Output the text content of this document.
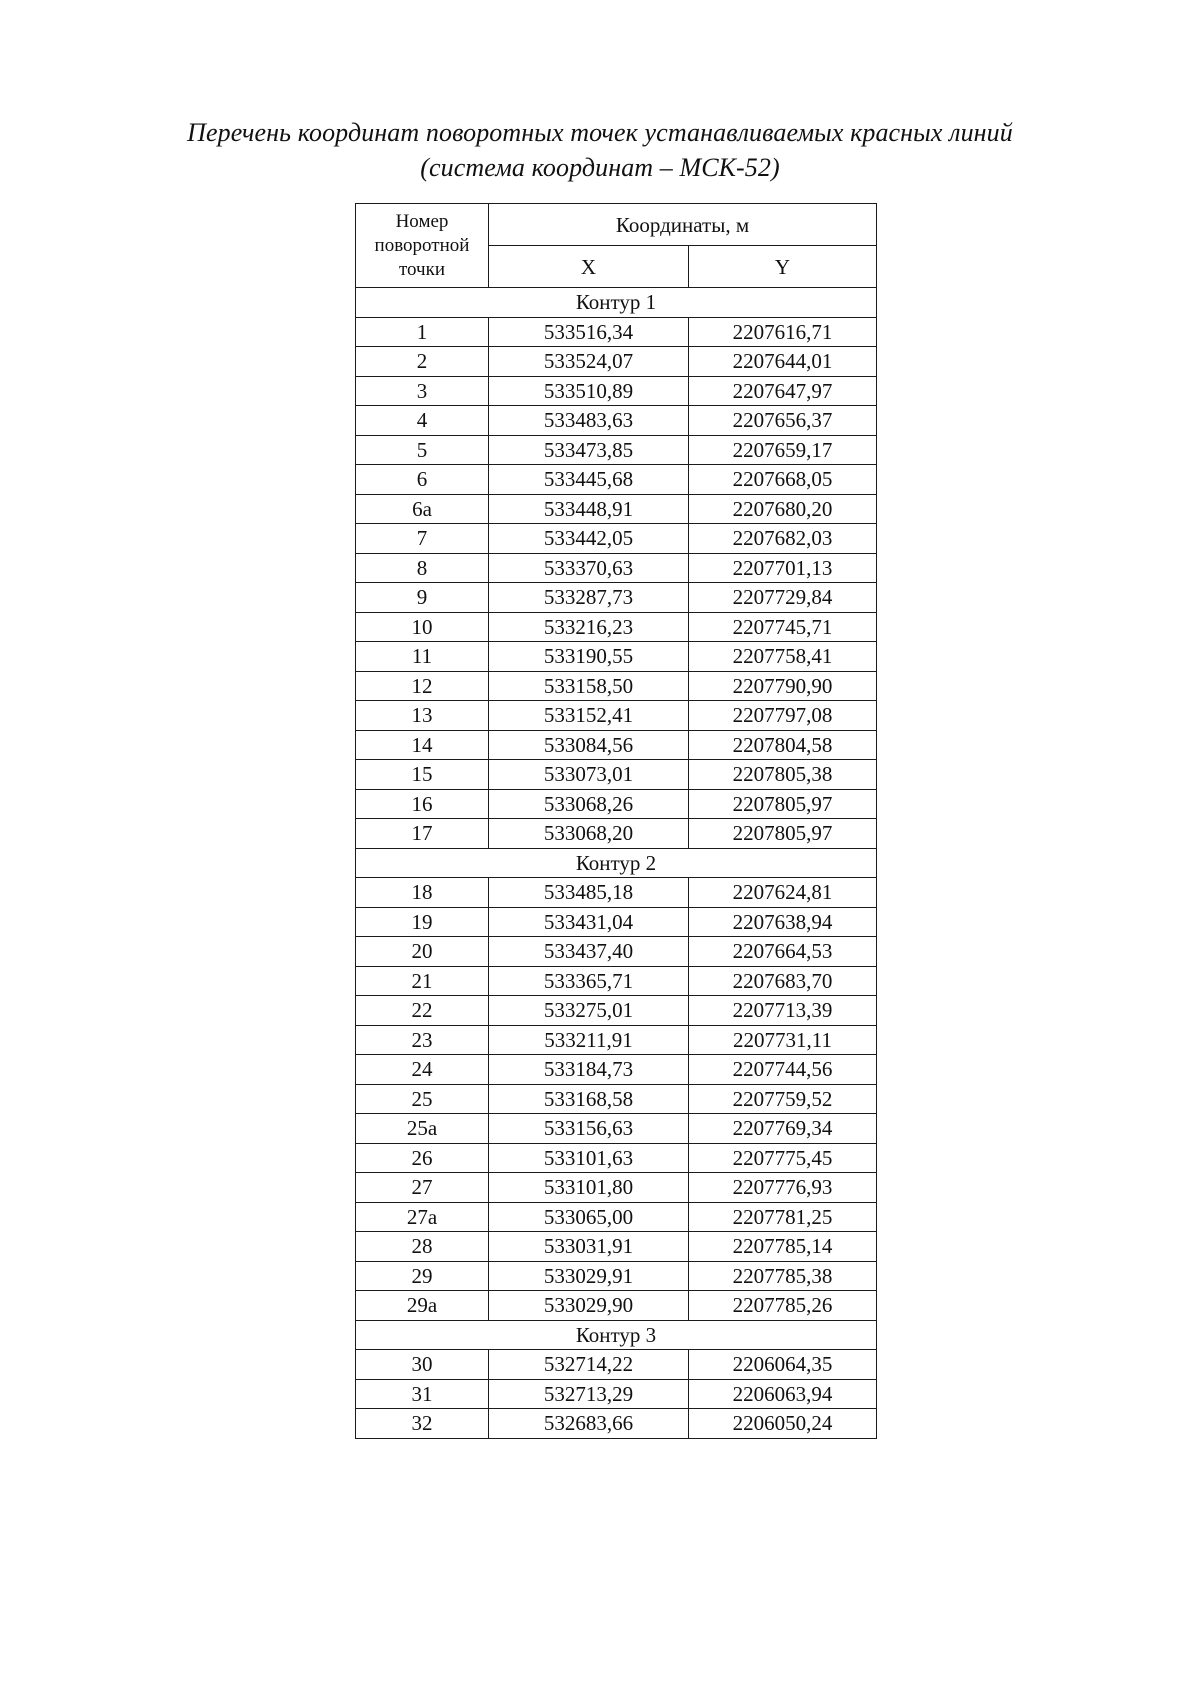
Перечень координат поворотных точек устанавливаемых красных линий
(система координат – МСК-52)
Номер
поворотной
точки	Координаты, м	
	X	Y
Контур 1		
1	533516,34	2207616,71
2	533524,07	2207644,01
3	533510,89	2207647,97
4	533483,63	2207656,37
5	533473,85	2207659,17
6	533445,68	2207668,05
6а	533448,91	2207680,20
7	533442,05	2207682,03
8	533370,63	2207701,13
9	533287,73	2207729,84
10	533216,23	2207745,71
11	533190,55	2207758,41
12	533158,50	2207790,90
13	533152,41	2207797,08
14	533084,56	2207804,58
15	533073,01	2207805,38
16	533068,26	2207805,97
17	533068,20	2207805,97
Контур 2		
18	533485,18	2207624,81
19	533431,04	2207638,94
20	533437,40	2207664,53
21	533365,71	2207683,70
22	533275,01	2207713,39
23	533211,91	2207731,11
24	533184,73	2207744,56
25	533168,58	2207759,52
25а	533156,63	2207769,34
26	533101,63	2207775,45
27	533101,80	2207776,93
27а	533065,00	2207781,25
28	533031,91	2207785,14
29	533029,91	2207785,38
29а	533029,90	2207785,26
Контур 3		
30	532714,22	2206064,35
31	532713,29	2206063,94
32	532683,66	2206050,24
